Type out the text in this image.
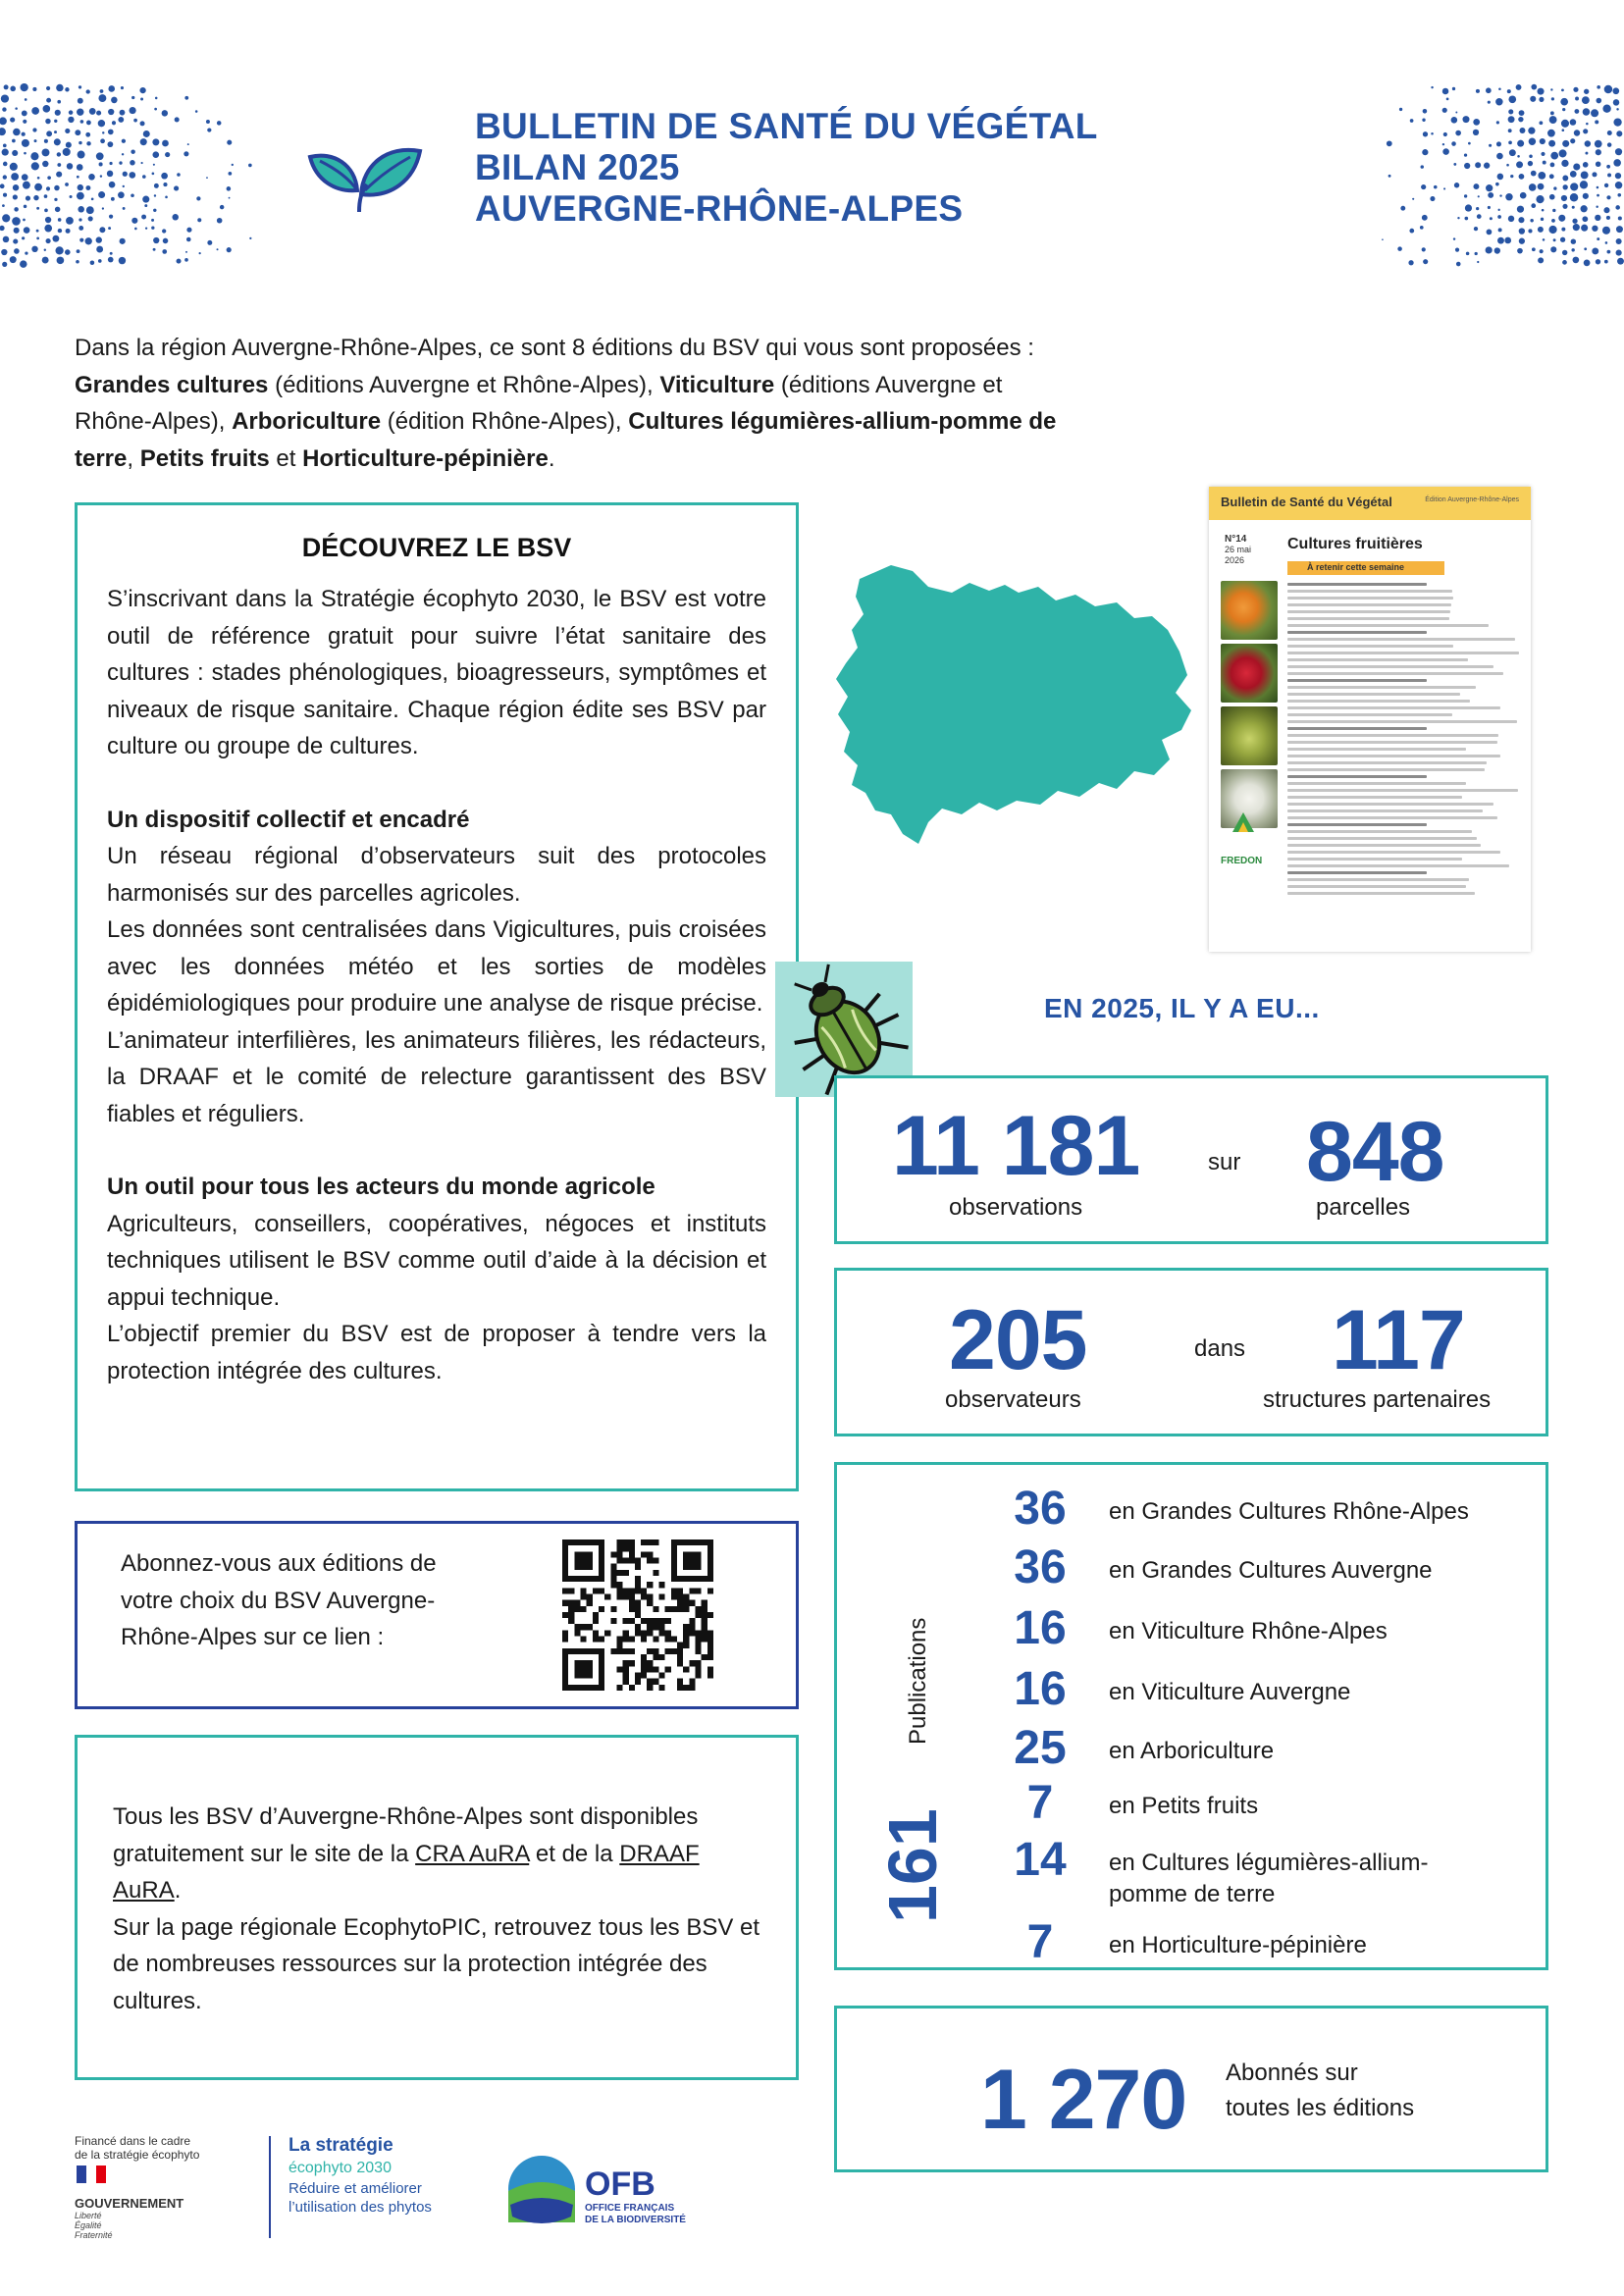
BULLETIN DE SANTÉ DU VÉGÉTAL
BILAN 2025
AUVERGNE-RHÔNE-ALPES
Dans la région Auvergne-Rhône-Alpes, ce sont 8 éditions du BSV qui vous sont proposées : Grandes cultures (éditions Auvergne et Rhône-Alpes), Viticulture (éditions Auvergne et Rhône-Alpes), Arboriculture (édition Rhône-Alpes), Cultures légumières-allium-pomme de terre, Petits fruits et Horticulture-pépinière.
DÉCOUVREZ LE BSV

S’inscrivant dans la Stratégie écophyto 2030, le BSV est votre outil de référence gratuit pour suivre l’état sanitaire des cultures : stades phénologiques, bioagresseurs, symptômes et niveaux de risque sanitaire. Chaque région édite ses BSV par culture ou groupe de cultures.

Un dispositif collectif et encadré

Un réseau régional d’observateurs suit des protocoles harmonisés sur des parcelles agricoles.

Les données sont centralisées dans Vigicultures, puis croisées avec les données météo et les sorties de modèles épidémiologiques pour produire une analyse de risque précise.

L’animateur interfilières, les animateurs filières, les rédacteurs, la DRAAF et le comité de relecture garantissent des BSV fiables et réguliers.

Un outil pour tous les acteurs du monde agricole

Agriculteurs, conseillers, coopératives, négoces et instituts techniques utilisent le BSV comme outil d’aide à la décision et appui technique.

L’objectif premier du BSV est de proposer à tendre vers la protection intégrée des cultures.

Abonnez-vous aux éditions de votre choix du BSV Auvergne-Rhône-Alpes sur ce lien :

Tous les BSV d’Auvergne-Rhône-Alpes sont disponibles gratuitement sur le site de la CRA AuRA et de la DRAAF AuRA.

Sur la page régionale EcophytoPIC, retrouvez tous les BSV et de nombreuses ressources sur la protection intégrée des cultures.

Bulletin de Santé du Végétal	Édition Auvergne-Rhône-Alpes
N°14
26 mai
2026
Cultures fruitières
À retenir cette semaine
FREDON

EN 2025, IL Y A EU...
11 181
observations
sur 848
parcelles
205
observateurs
dans 117
structures partenaires
161
Publications
36	en Grandes Cultures Rhône-Alpes
36	en Grandes Cultures Auvergne
16	en Viticulture Rhône-Alpes
16	en Viticulture Auvergne
25	en Arboriculture
7	en Petits fruits
14	en Cultures légumières-allium-
pomme de terre
7	en Horticulture-pépinière
1 270 Abonnés sur
toutes les éditions
Financé dans le cadre
de la stratégie écophyto
GOUVERNEMENT
Liberté
Égalité
Fraternité
La stratégie
écophyto 2030
Réduire et améliorer
l’utilisation des phytos
OFB
OFFICE FRANÇAIS
DE LA BIODIVERSITÉ
